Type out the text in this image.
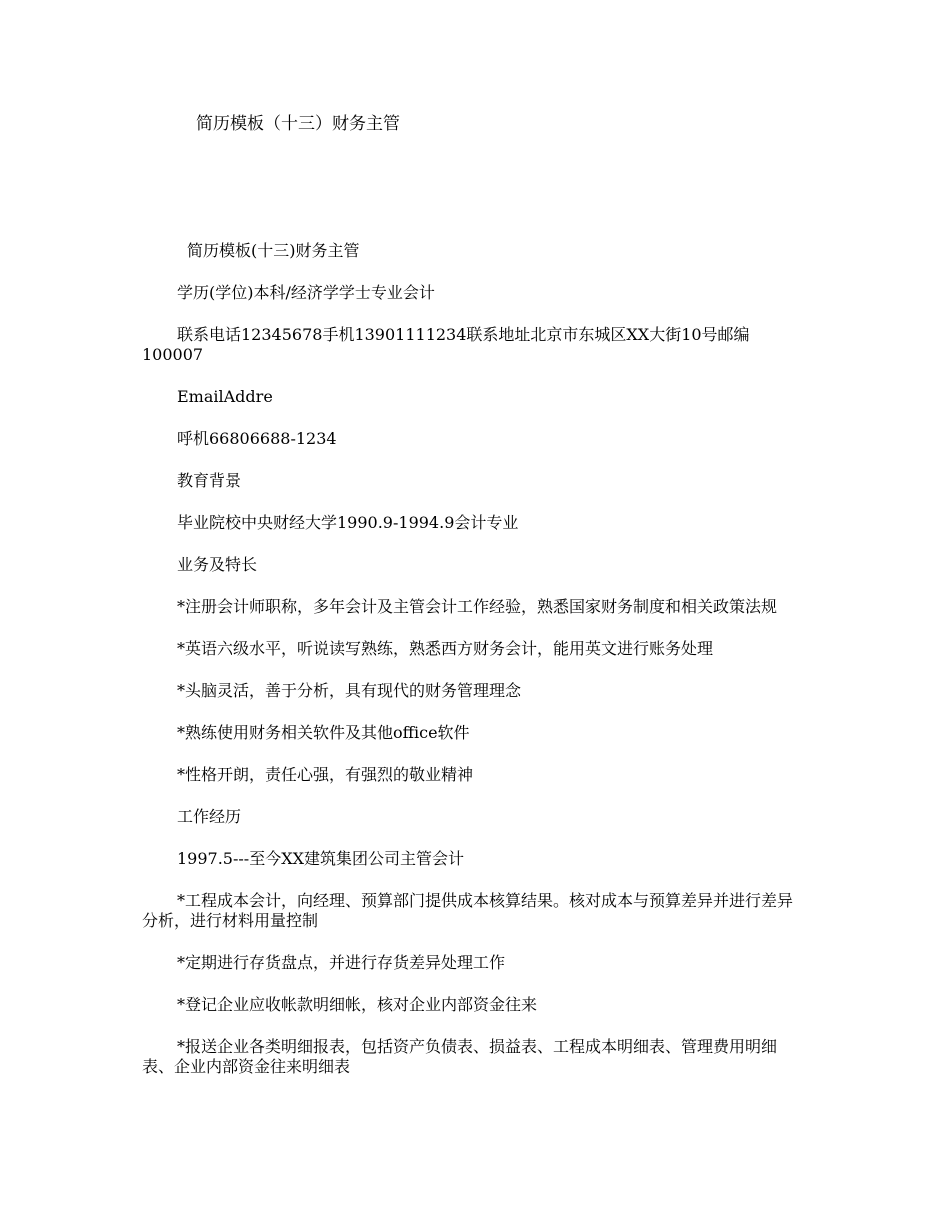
简历模板（十三）财务主管

简历模板(十三)财务主管

学历(学位)本科/经济学学士专业会计

联系电话12345678手机13901111234联系地址北京市东城区XX大街10号邮编100007

EmailAddre

呼机66806688-1234

教育背景

毕业院校中央财经大学1990.9-1994.9会计专业

业务及特长

*注册会计师职称，多年会计及主管会计工作经验，熟悉国家财务制度和相关政策法规

*英语六级水平，听说读写熟练，熟悉西方财务会计，能用英文进行账务处理

*头脑灵活，善于分析，具有现代的财务管理理念

*熟练使用财务相关软件及其他office软件

*性格开朗，责任心强，有强烈的敬业精神

工作经历

1997.5---至今XX建筑集团公司主管会计

*工程成本会计，向经理、预算部门提供成本核算结果。核对成本与预算差异并进行差异分析，进行材料用量控制

*定期进行存货盘点，并进行存货差异处理工作

*登记企业应收帐款明细帐，核对企业内部资金往来

*报送企业各类明细报表，包括资产负债表、损益表、工程成本明细表、管理费用明细表、企业内部资金往来明细表
